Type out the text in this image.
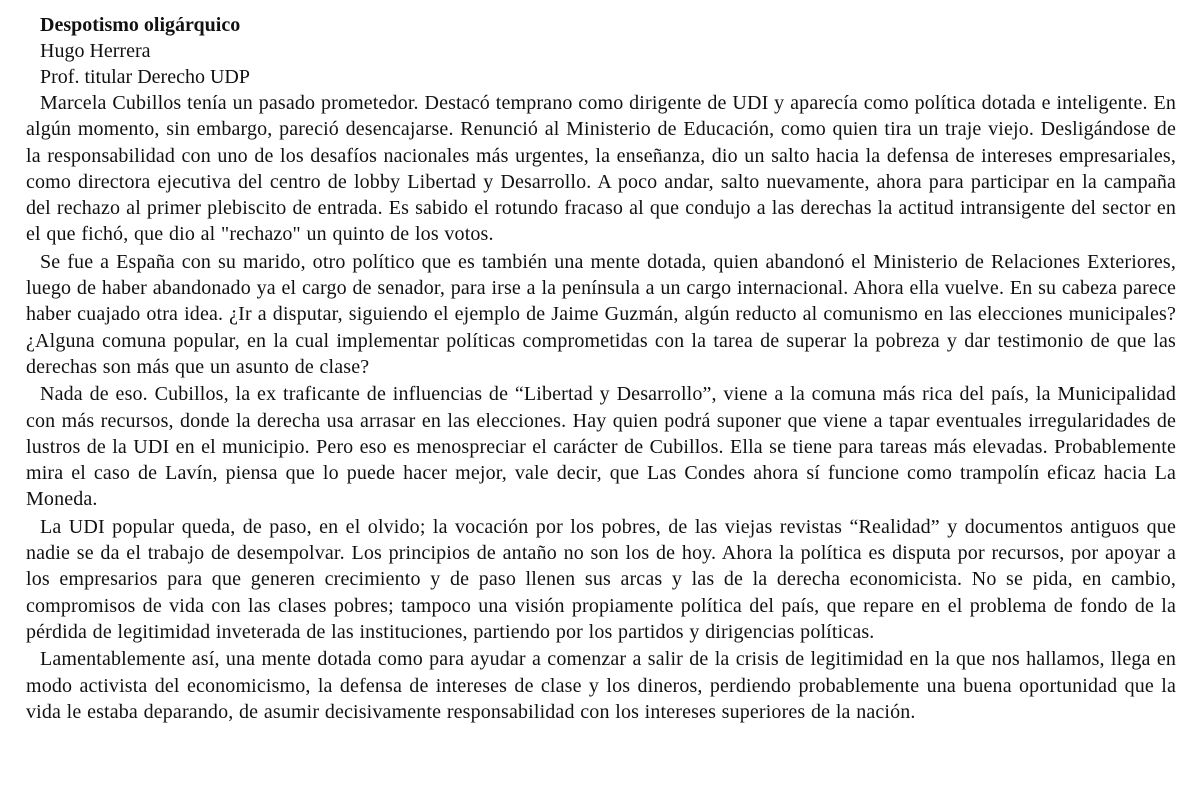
Despotismo oligárquico
Hugo Herrera
Prof. titular Derecho UDP

Marcela Cubillos tenía un pasado prometedor. Destacó temprano como dirigente de UDI y aparecía como política dotada e inteligente. En algún momento, sin embargo, pareció desencajarse. Renunció al Ministerio de Educación, como quien tira un traje viejo. Desligándose de la responsabilidad con uno de los desafíos nacionales más urgentes, la enseñanza, dio un salto hacia la defensa de intereses empresariales, como directora ejecutiva del centro de lobby Libertad y Desarrollo. A poco andar, salto nuevamente, ahora para participar en la campaña del rechazo al primer plebiscito de entrada. Es sabido el rotundo fracaso al que condujo a las derechas la actitud intransigente del sector en el que fichó, que dio al "rechazo" un quinto de los votos.

Se fue a España con su marido, otro político que es también una mente dotada, quien abandonó el Ministerio de Relaciones Exteriores, luego de haber abandonado ya el cargo de senador, para irse a la península a un cargo internacional. Ahora ella vuelve. En su cabeza parece haber cuajado otra idea. ¿Ir a disputar, siguiendo el ejemplo de Jaime Guzmán, algún reducto al comunismo en las elecciones municipales? ¿Alguna comuna popular, en la cual implementar políticas comprometidas con la tarea de superar la pobreza y dar testimonio de que las derechas son más que un asunto de clase?

Nada de eso. Cubillos, la ex traficante de influencias de “Libertad y Desarrollo”, viene a la comuna más rica del país, la Municipalidad con más recursos, donde la derecha usa arrasar en las elecciones. Hay quien podrá suponer que viene a tapar eventuales irregularidades de lustros de la UDI en el municipio. Pero eso es menospreciar el carácter de Cubillos. Ella se tiene para tareas más elevadas. Probablemente mira el caso de Lavín, piensa que lo puede hacer mejor, vale decir, que Las Condes ahora sí funcione como trampolín eficaz hacia La Moneda.

La UDI popular queda, de paso, en el olvido; la vocación por los pobres, de las viejas revistas “Realidad” y documentos antiguos que nadie se da el trabajo de desempolvar. Los principios de antaño no son los de hoy. Ahora la política es disputa por recursos, por apoyar a los empresarios para que generen crecimiento y de paso llenen sus arcas y las de la derecha economicista. No se pida, en cambio, compromisos de vida con las clases pobres; tampoco una visión propiamente política del país, que repare en el problema de fondo de la pérdida de legitimidad inveterada de las instituciones, partiendo por los partidos y dirigencias políticas.

Lamentablemente así, una mente dotada como para ayudar a comenzar a salir de la crisis de legitimidad en la que nos hallamos, llega en modo activista del economicismo, la defensa de intereses de clase y los dineros, perdiendo probablemente una buena oportunidad que la vida le estaba deparando, de asumir decisivamente responsabilidad con los intereses superiores de la nación.
